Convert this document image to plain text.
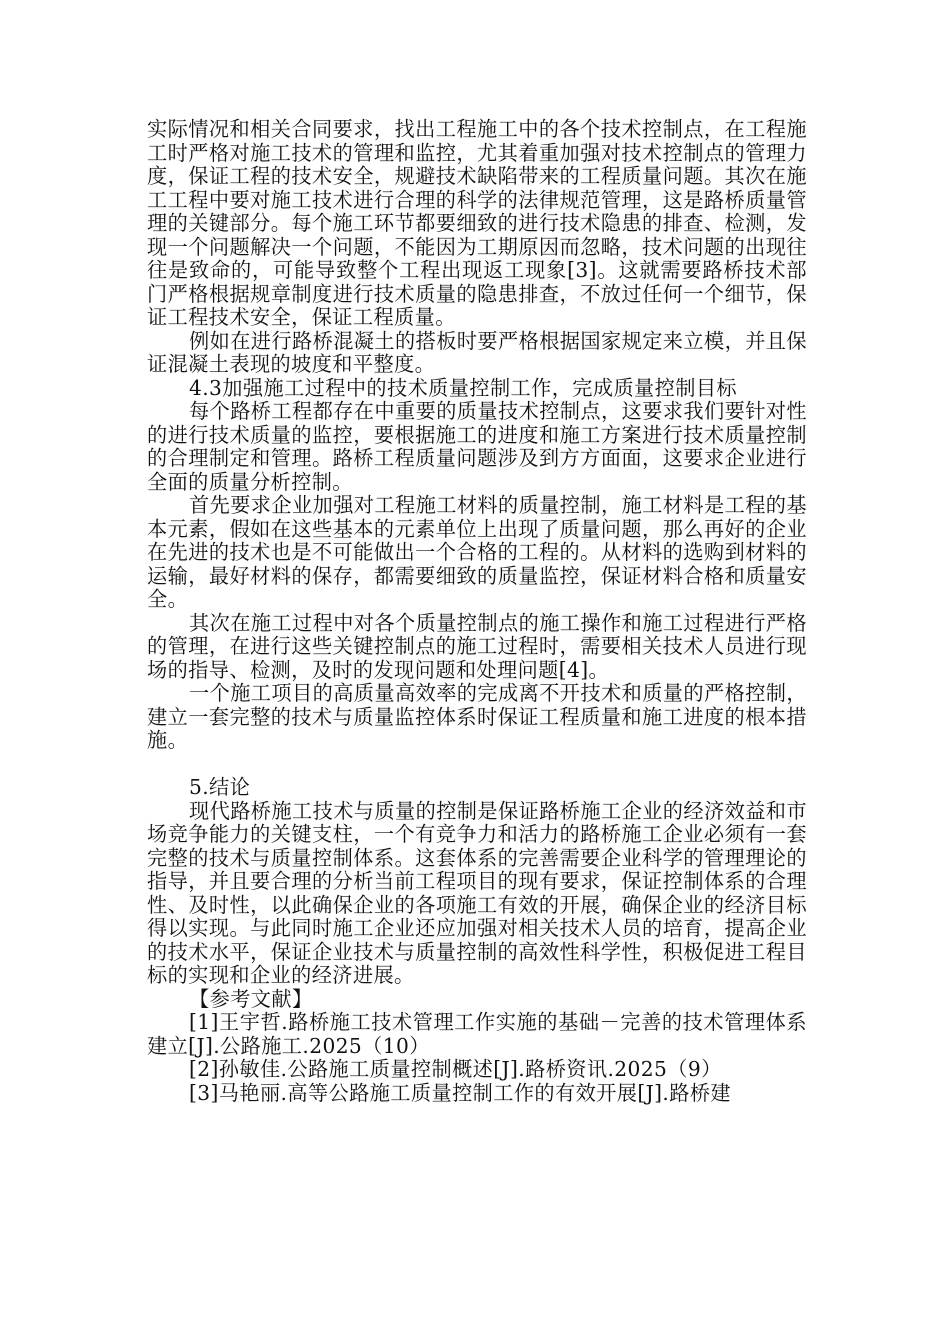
实际情况和相关合同要求，找出工程施工中的各个技术控制点，在工程施工时严格对施工技术的管理和监控，尤其着重加强对技术控制点的管理力度，保证工程的技术安全，规避技术缺陷带来的工程质量问题。其次在施工工程中要对施工技术进行合理的科学的法律规范管理，这是路桥质量管理的关键部分。每个施工环节都要细致的进行技术隐患的排查、检测，发现一个问题解决一个问题，不能因为工期原因而忽略，技术问题的出现往往是致命的，可能导致整个工程出现返工现象[3]。这就需要路桥技术部门严格根据规章制度进行技术质量的隐患排查，不放过任何一个细节，保证工程技术安全，保证工程质量。

例如在进行路桥混凝土的搭板时要严格根据国家规定来立模，并且保证混凝土表现的坡度和平整度。

4.3加强施工过程中的技术质量控制工作，完成质量控制目标

每个路桥工程都存在中重要的质量技术控制点，这要求我们要针对性的进行技术质量的监控，要根据施工的进度和施工方案进行技术质量控制的合理制定和管理。路桥工程质量问题涉及到方方面面，这要求企业进行全面的质量分析控制。

首先要求企业加强对工程施工材料的质量控制，施工材料是工程的基本元素，假如在这些基本的元素单位上出现了质量问题，那么再好的企业在先进的技术也是不可能做出一个合格的工程的。从材料的选购到材料的运输，最好材料的保存，都需要细致的质量监控，保证材料合格和质量安全。

其次在施工过程中对各个质量控制点的施工操作和施工过程进行严格的管理，在进行这些关键控制点的施工过程时，需要相关技术人员进行现场的指导、检测，及时的发现问题和处理问题[4]。

一个施工项目的高质量高效率的完成离不开技术和质量的严格控制，建立一套完整的技术与质量监控体系时保证工程质量和施工进度的根本措施。

5.结论

现代路桥施工技术与质量的控制是保证路桥施工企业的经济效益和市场竞争能力的关键支柱，一个有竞争力和活力的路桥施工企业必须有一套完整的技术与质量控制体系。这套体系的完善需要企业科学的管理理论的指导，并且要合理的分析当前工程项目的现有要求，保证控制体系的合理性、及时性，以此确保企业的各项施工有效的开展，确保企业的经济目标得以实现。与此同时施工企业还应加强对相关技术人员的培育，提高企业的技术水平，保证企业技术与质量控制的高效性科学性，积极促进工程目标的实现和企业的经济进展。

【参考文献】

[1]王宇哲.路桥施工技术管理工作实施的基础－完善的技术管理体系建立[J].公路施工.2025（10）

[2]孙敏佳.公路施工质量控制概述[J].路桥资讯.2025（9）

[3]马艳丽.高等公路施工质量控制工作的有效开展[J].路桥建
